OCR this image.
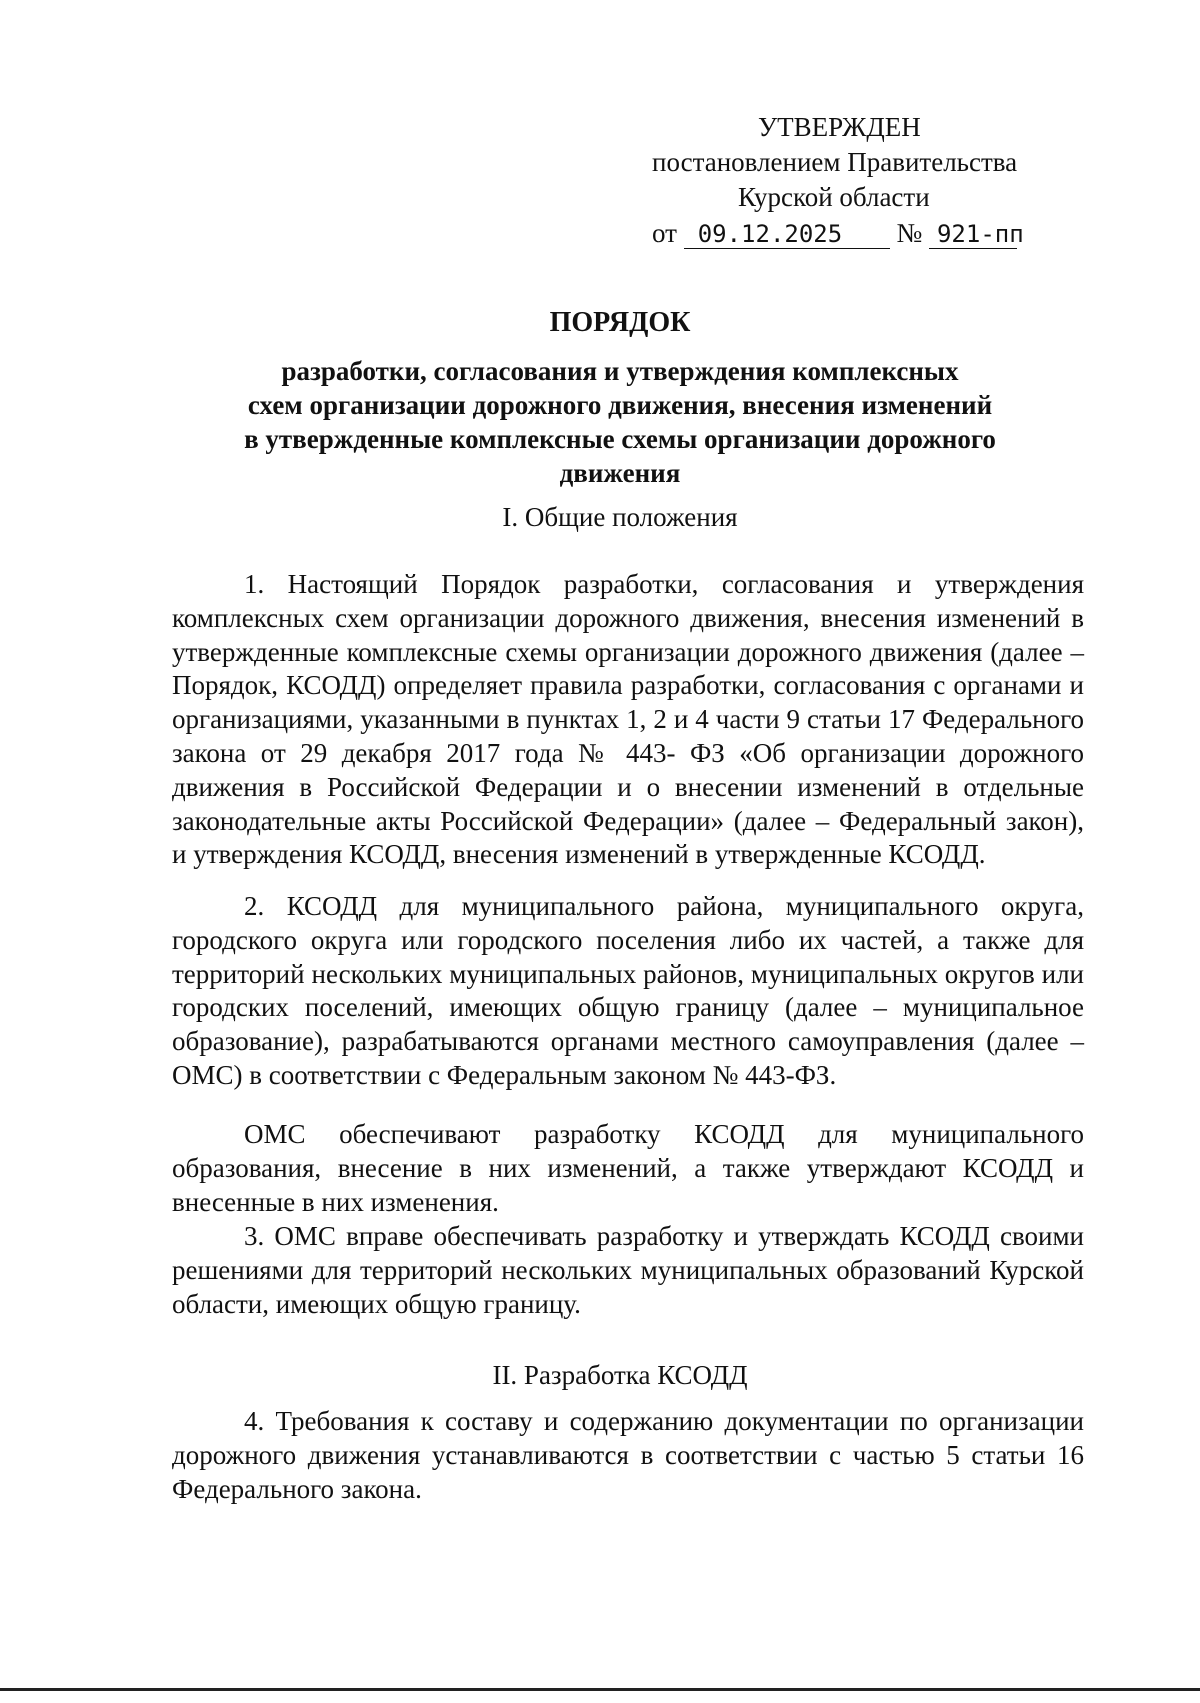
УТВЕРЖДЕН
постановлением Правительства
Курской области
от 09.12.2025 № 921-пп
ПОРЯДОК
разработки, согласования и утверждения комплексных
схем организации дорожного движения, внесения изменений
в утвержденные комплексные схемы организации дорожного
движения
I. Общие положения
1. Настоящий Порядок разработки, согласования и утверждения комплексных схем организации дорожного движения, внесения изменений в утвержденные комплексные схемы организации дорожного движения (далее – Порядок, КСОДД) определяет правила разработки, согласования с органами и организациями, указанными в пунктах 1, 2 и 4 части 9 статьи 17 Федерального закона от 29 декабря 2017 года № 443- ФЗ «Об организации дорожного движения в Российской Федерации и о внесении изменений в отдельные законодательные акты Российской Федерации» (далее – Федеральный закон), и утверждения КСОДД, внесения изменений в утвержденные КСОДД.
2. КСОДД для муниципального района, муниципального округа, городского округа или городского поселения либо их частей, а также для территорий нескольких муниципальных районов, муниципальных округов или городских поселений, имеющих общую границу (далее – муниципальное образование), разрабатываются органами местного самоуправления (далее – ОМС) в соответствии с Федеральным законом № 443-ФЗ.
ОМС обеспечивают разработку КСОДД для муниципального образования, внесение в них изменений, а также утверждают КСОДД и внесенные в них изменения.
3. ОМС вправе обеспечивать разработку и утверждать КСОДД своими решениями для территорий нескольких муниципальных образований Курской области, имеющих общую границу.
II. Разработка КСОДД
4. Требования к составу и содержанию документации по организации дорожного движения устанавливаются в соответствии с частью 5 статьи 16 Федерального закона.
